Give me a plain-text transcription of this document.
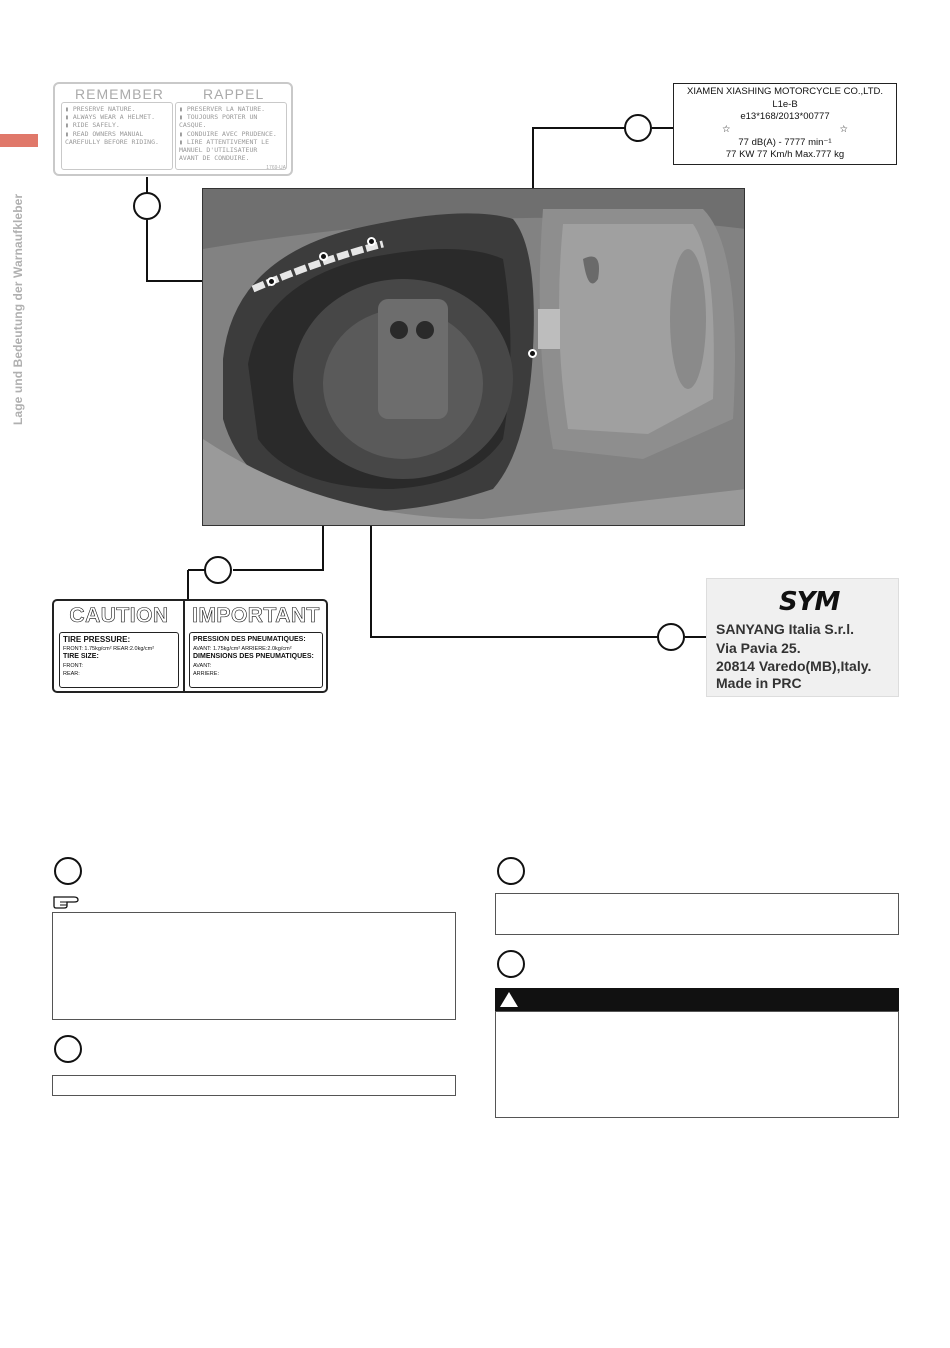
Lage und Bedeutung der Warnaufkleber
REMEMBER	RAPPEL
▮ PRESERVE NATURE.
▮ ALWAYS WEAR A HELMET.
▮ RIDE SAFELY.
▮ READ OWNERS MANUAL
CAREFULLY BEFORE RIDING.
▮ PRESERVER LA NATURE.
▮ TOUJOURS PORTER UN CASQUE.
▮ CONDUIRE AVEC PRUDENCE.
▮ LIRE ATTENTIVEMENT LE
MANUEL D'UTILISATEUR
AVANT DE CONDUIRE.
1769-UA
XIAMEN XIASHING MOTORCYCLE CO.,LTD.
L1e-B
e13*168/2013*00777
☆	☆
77 dB(A) - 7777 min⁻¹
77 KW 77 Km/h Max.777 kg
CAUTION
TIRE PRESSURE:
FRONT: 1.75kg/cm² REAR:2.0kg/cm²
TIRE SIZE:
FRONT:
REAR:
IMPORTANT
PRESSION DES PNEUMATIQUES:
AVANT: 1.75kg/cm² ARRIERE:2.0kg/cm²
DIMENSIONS DES PNEUMATIQUES:
AVANT:
ARRIERE:
SYM
SANYANG Italia S.r.l.
Via Pavia 25.
20814 Varedo(MB),Italy.
Made in PRC
